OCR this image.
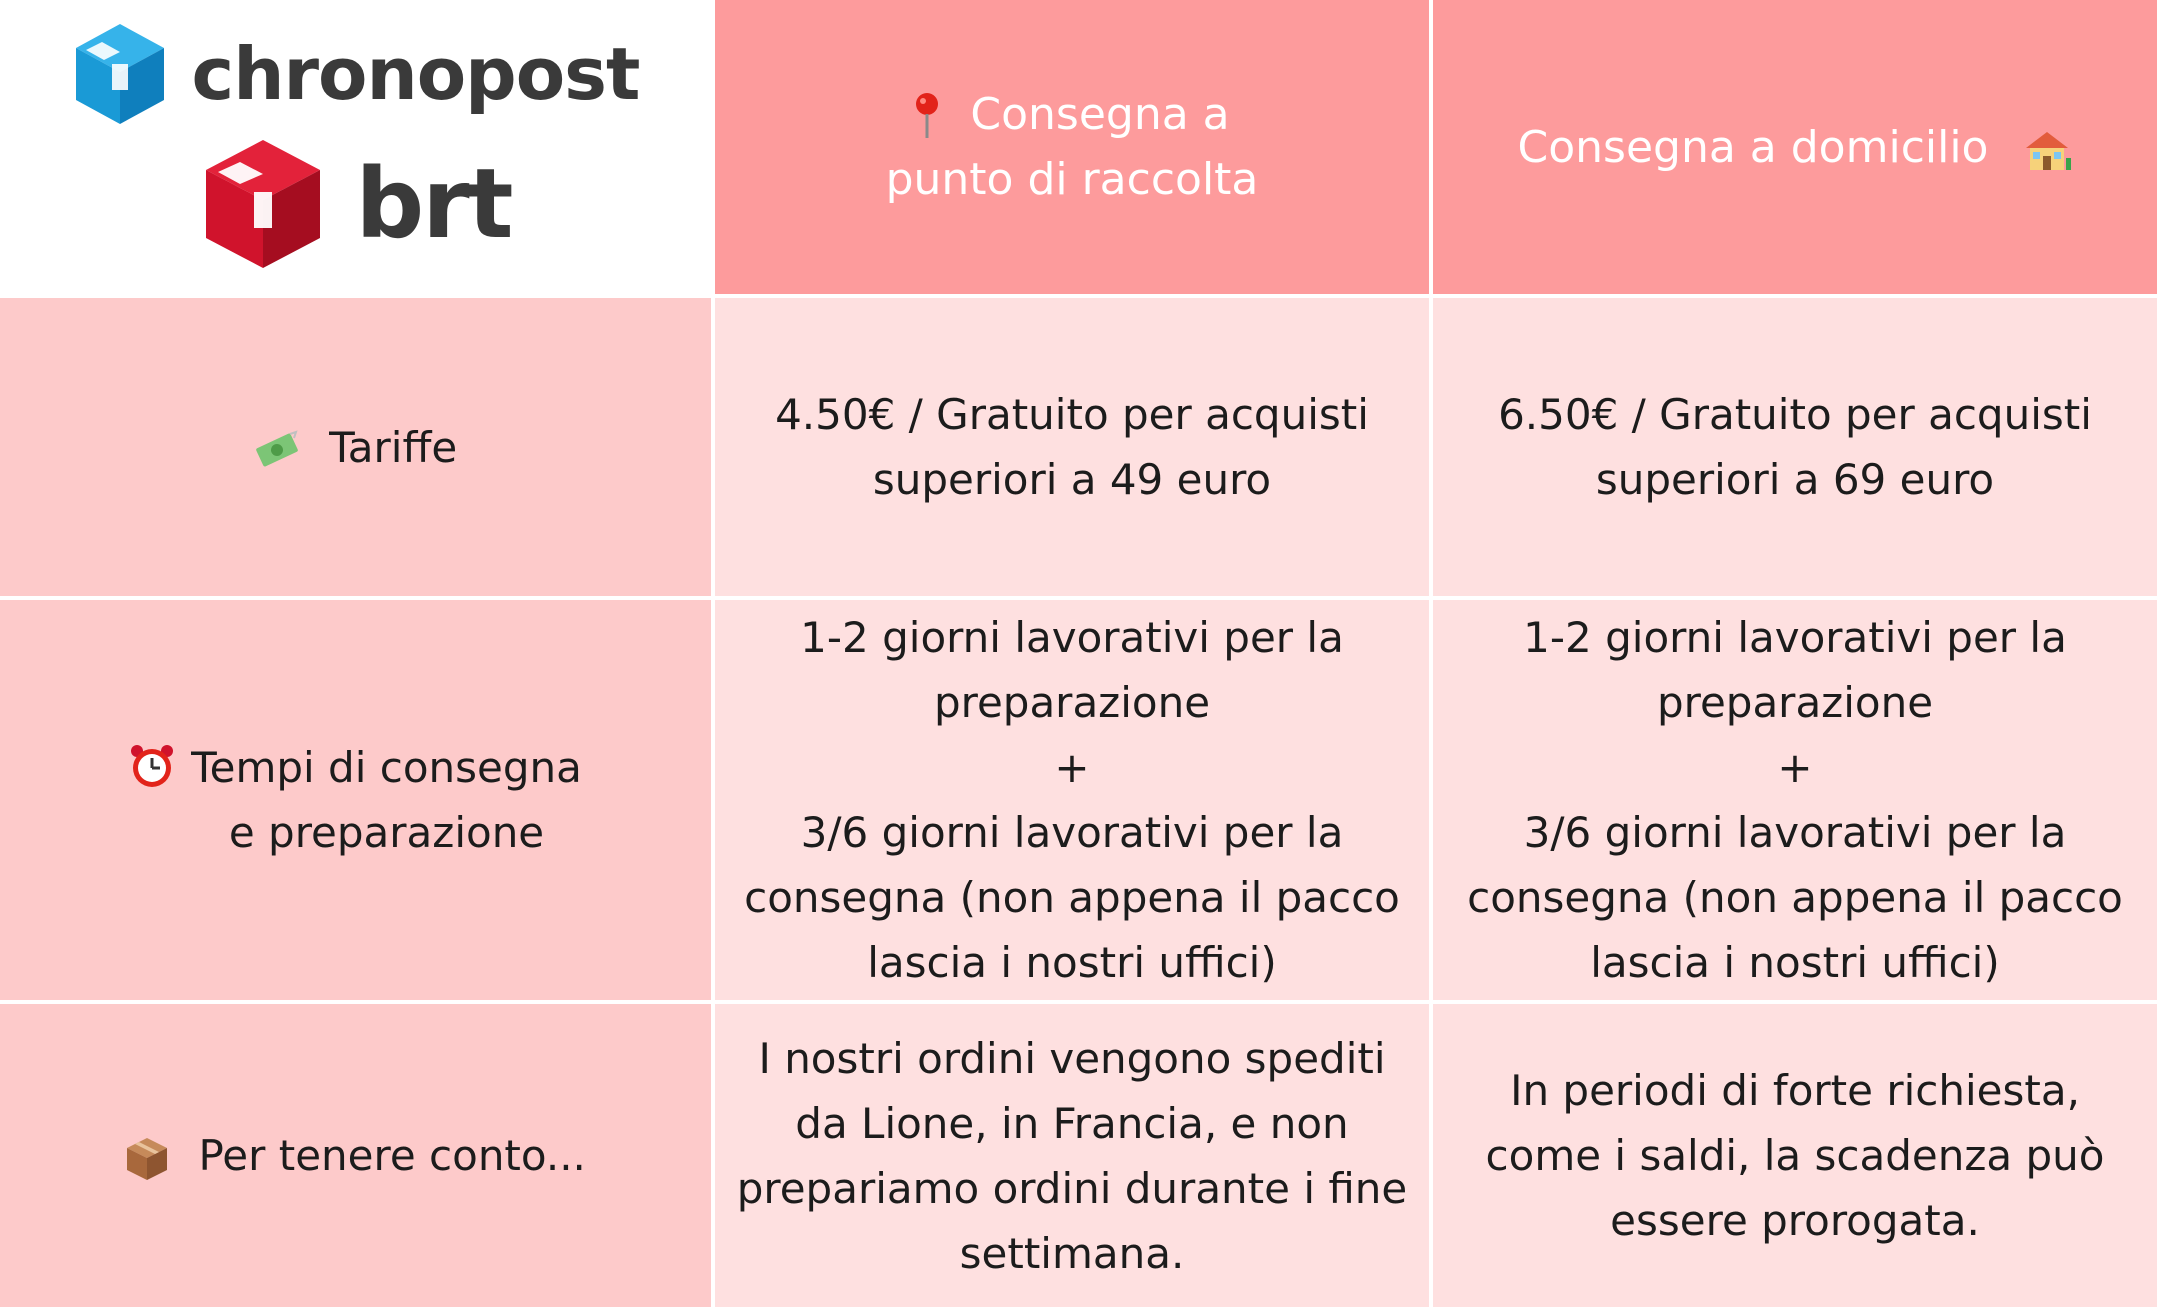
chronopost
brt
Consegna a
punto di raccolta
Consegna a domicilio
Tariffe
4.50€ / Gratuito per acquisti
superiori a 49 euro
6.50€ / Gratuito per acquisti
superiori a 69 euro
Tempi di consegna
e preparazione
1-2 giorni lavorativi per la
preparazione
+
3/6 giorni lavorativi per la
consegna (non appena il pacco
lascia i nostri uffici)
1-2 giorni lavorativi per la
preparazione
+
3/6 giorni lavorativi per la
consegna (non appena il pacco
lascia i nostri uffici)
Per tenere conto...
I nostri ordini vengono spediti
da Lione, in Francia, e non
prepariamo ordini durante i fine
settimana.
In periodi di forte richiesta,
come i saldi, la scadenza può
essere prorogata.
